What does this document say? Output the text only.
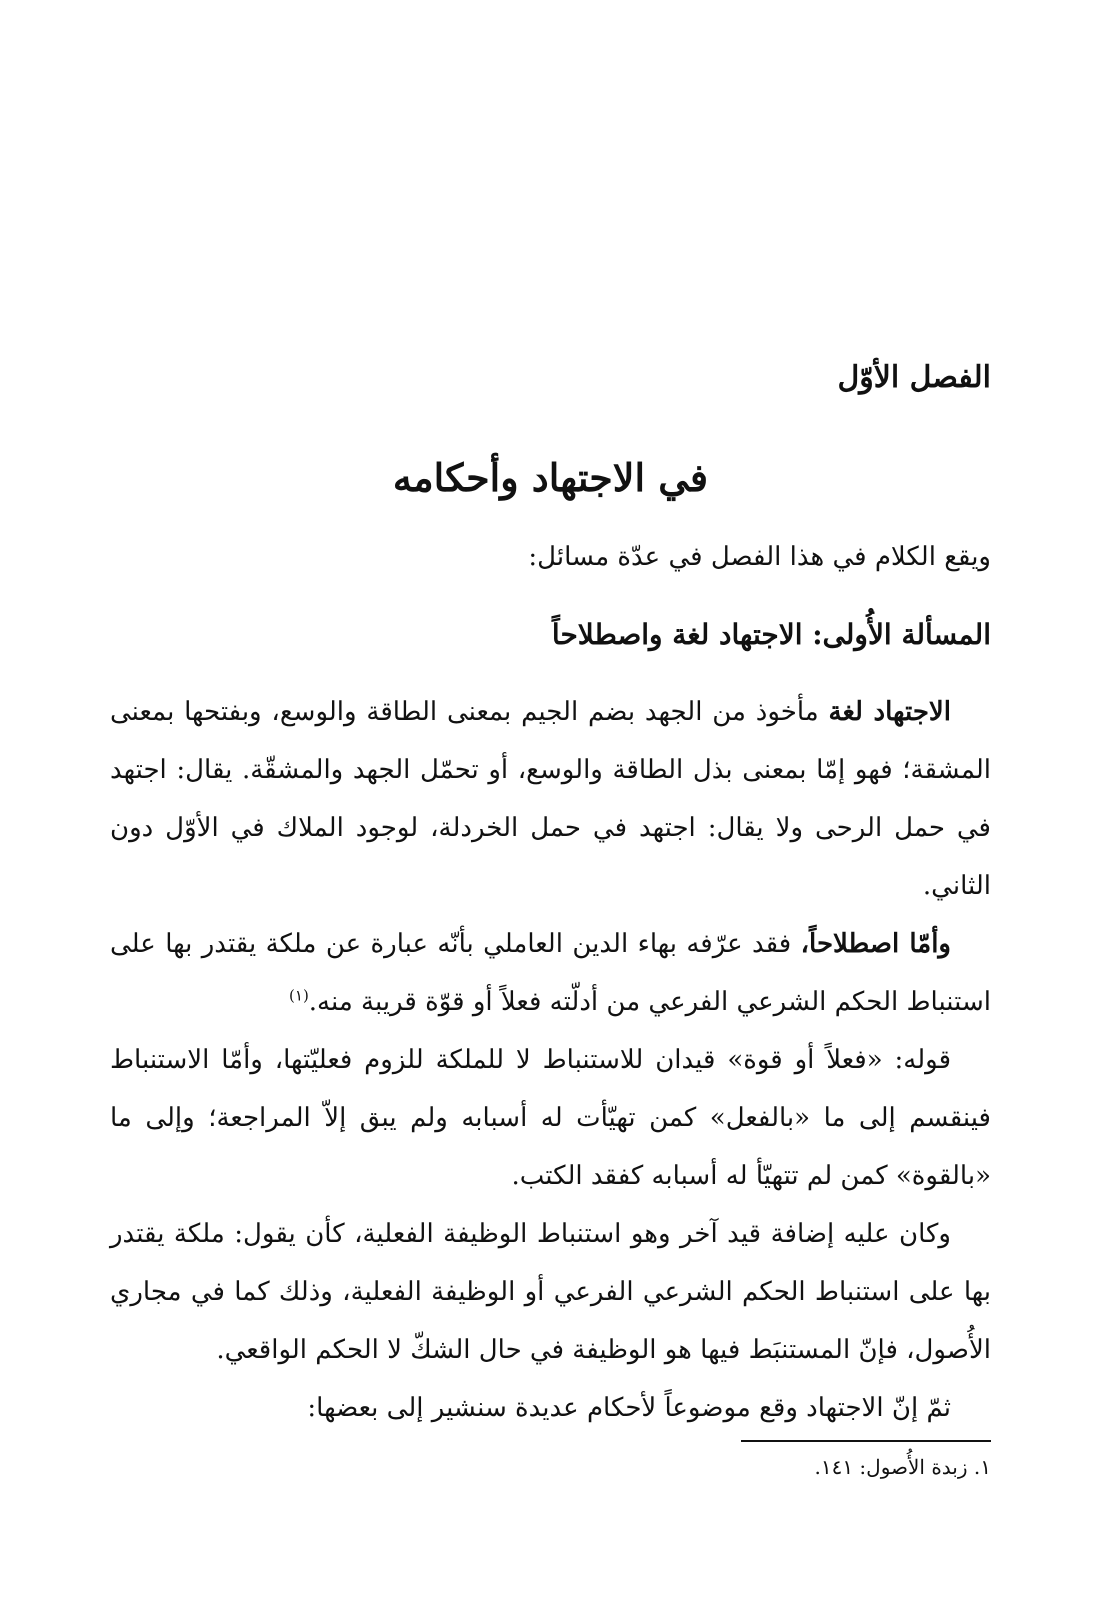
الفصل الأوّل
في الاجتهاد وأحكامه

ويقع الكلام في هذا الفصل في عدّة مسائل:

المسألة الأُولى: الاجتهاد لغة واصطلاحاً

الاجتهاد لغة مأخوذ من الجهد بضم الجيم بمعنى الطاقة والوسع، وبفتحها بمعنى المشقة؛ فهو إمّا بمعنى بذل الطاقة والوسع، أو تحمّل الجهد والمشقّة. يقال: اجتهد في حمل الرحى ولا يقال: اجتهد في حمل الخردلة، لوجود الملاك في الأوّل دون الثاني.

وأمّا اصطلاحاً، فقد عرّفه بهاء الدين العاملي بأنّه عبارة عن ملكة يقتدر بها على استنباط الحكم الشرعي الفرعي من أدلّته فعلاً أو قوّة قريبة منه.$^{(١)}$

قوله: «فعلاً أو قوة» قيدان للاستنباط لا للملكة للزوم فعليّتها، وأمّا الاستنباط فينقسم إلى ما «بالفعل» كمن تهيّأت له أسبابه ولم يبق إلاّ المراجعة؛ وإلى ما «بالقوة» كمن لم تتهيّأ له أسبابه كفقد الكتب.

وكان عليه إضافة قيد آخر وهو استنباط الوظيفة الفعلية، كأن يقول: ملكة يقتدر بها على استنباط الحكم الشرعي الفرعي أو الوظيفة الفعلية، وذلك كما في مجاري الأُصول، فإنّ المستنبَط فيها هو الوظيفة في حال الشكّ لا الحكم الواقعي.

ثمّ إنّ الاجتهاد وقع موضوعاً لأحكام عديدة سنشير إلى بعضها:

١. زبدة الأُصول: ١٤١.
